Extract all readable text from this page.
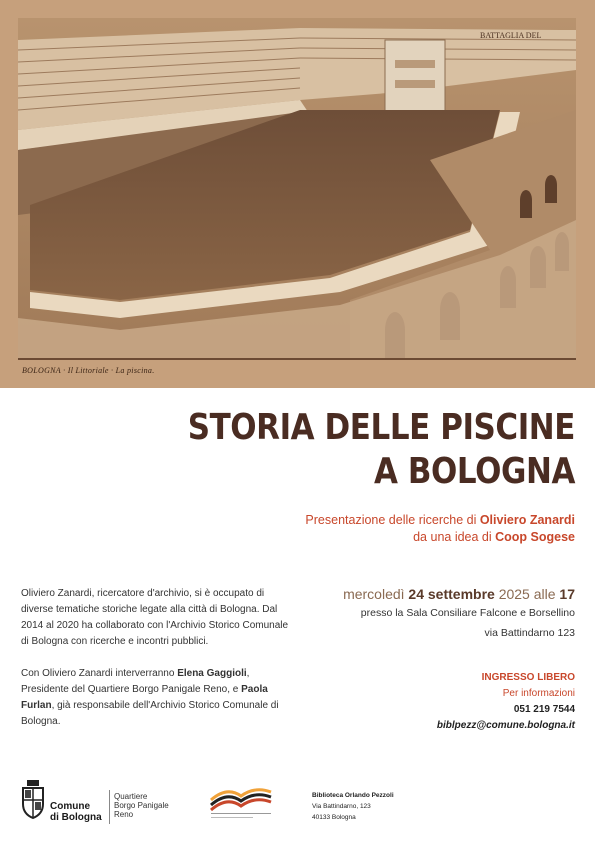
BATTAGLIA DEL
BOLOGNA · Il Littoriale · La piscina.
STORIA DELLE PISCINE
A BOLOGNA
Presentazione delle ricerche di Oliviero Zanardi
da una idea di Coop Sogese

Oliviero Zanardi, ricercatore d'archivio, si è occupato di diverse tematiche storiche legate alla città di Bologna. Dal 2014 al 2020 ha collaborato con l'Archivio Storico Comunale di Bologna con ricerche e incontri pubblici.

Con Oliviero Zanardi interverranno Elena Gaggioli, Presidente del Quartiere Borgo Panigale Reno, e Paola Furlan, già responsabile dell'Archivio Storico Comunale di Bologna.

mercoledì 24 settembre 2025 alle 17
presso la Sala Consiliare Falcone e Borsellino
via Battindarno 123
INGRESSO LIBERO
Per informazioni
051 219 7544
biblpezz@comune.bologna.it
Comune
di Bologna
Quartiere
Borgo Panigale
Reno
Biblioteca Orlando Pezzoli
Via Battindarno, 123
40133 Bologna
